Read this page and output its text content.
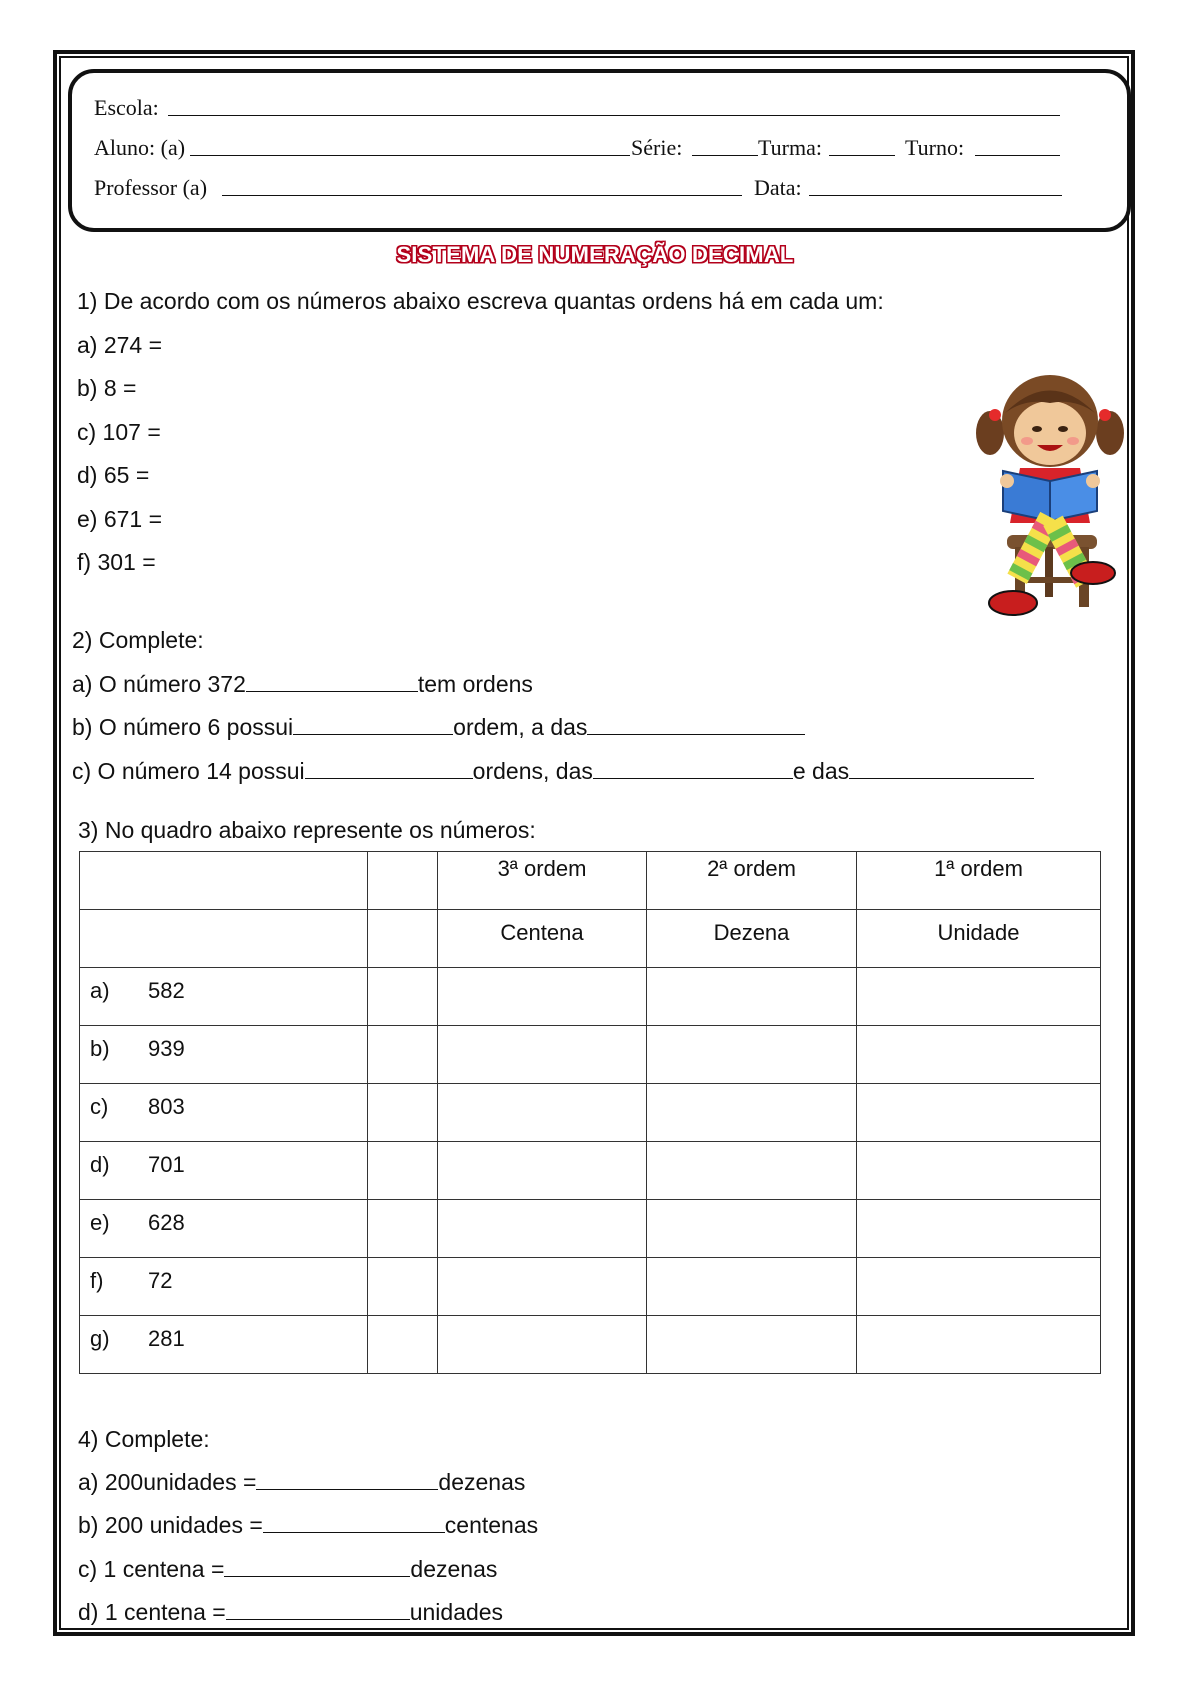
Escola:
Aluno: (a)	Série:	Turma:	Turno:
Professor (a)	Data:
SISTEMA DE NUMERAÇÃO DECIMAL
1) De acordo com os números abaixo escreva quantas ordens há em cada um:
a) 274 =
b) 8 =
c) 107 =
d) 65 =
e) 671 =
f) 301 =
2) Complete:
a) O número 372	tem ordens
b) O número 6 possui	ordem, a das
c) O número 14 possui	ordens, das	e das
3) No quadro abaixo represente os números:
		3ª ordem	2ª ordem	1ª ordem
		Centena	Dezena	Unidade
a) 582				
b) 939				
c) 803				
d) 701				
e) 628				
f) 72				
g) 281				
4) Complete:
a) 200unidades =	dezenas
b) 200 unidades =	centenas
c) 1 centena =	dezenas
d) 1 centena =	unidades
